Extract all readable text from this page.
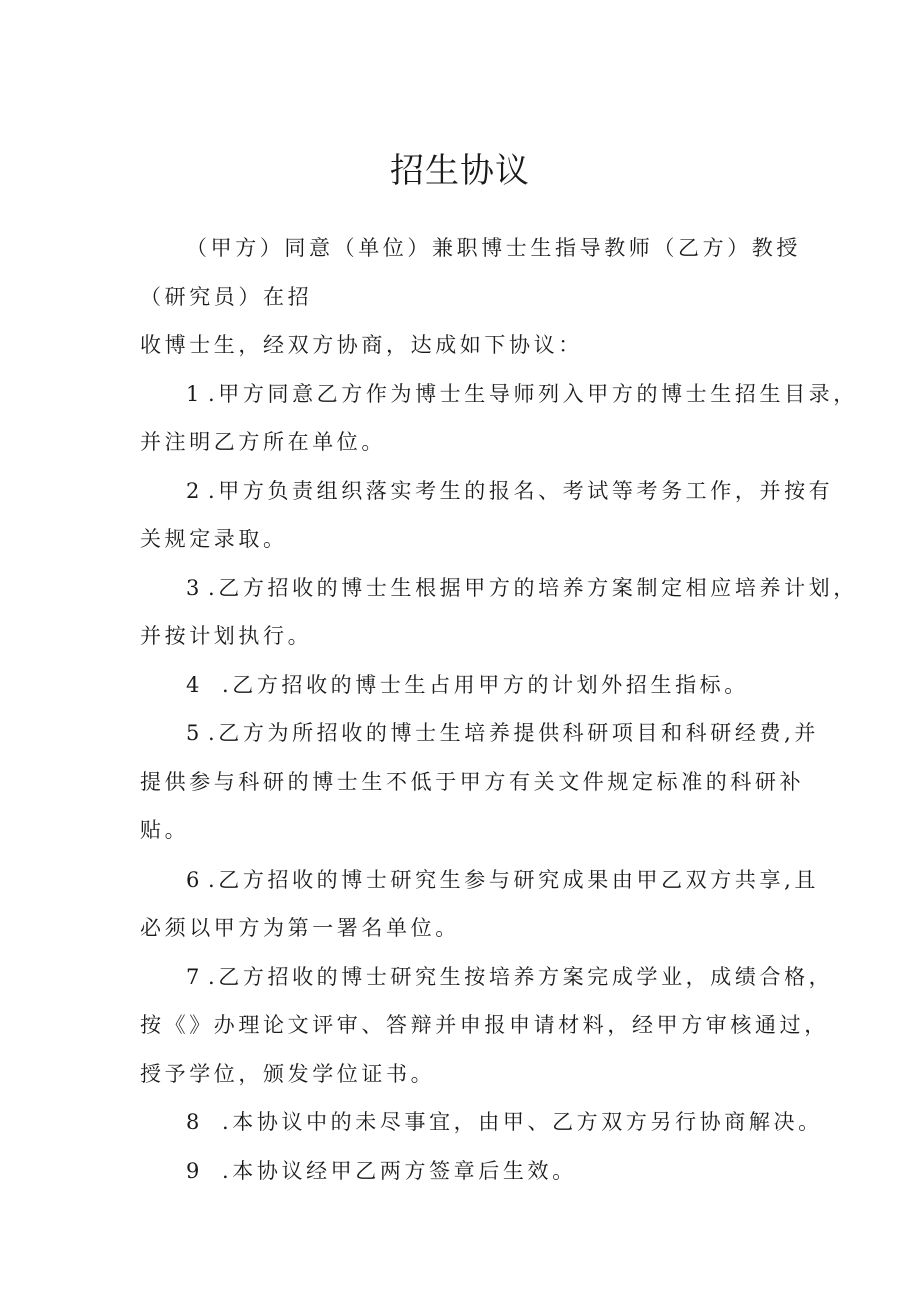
招生协议
（甲方）同意（单位）兼职博士生指导教师（乙方）教授
（研究员）在招
收博士生，经双方协商，达成如下协议：
1 .甲方同意乙方作为博士生导师列入甲方的博士生招生目录，
并注明乙方所在单位。
2 .甲方负责组织落实考生的报名、考试等考务工作，并按有
关规定录取。
3 .乙方招收的博士生根据甲方的培养方案制定相应培养计划，
并按计划执行。
4 .乙方招收的博士生占用甲方的计划外招生指标。
5 .乙方为所招收的博士生培养提供科研项目和科研经费,并
提供参与科研的博士生不低于甲方有关文件规定标准的科研补
贴。
6 .乙方招收的博士研究生参与研究成果由甲乙双方共享,且
必须以甲方为第一署名单位。
7 .乙方招收的博士研究生按培养方案完成学业，成绩合格，
按《》办理论文评审、答辩并申报申请材料，经甲方审核通过，
授予学位，颁发学位证书。
8 .本协议中的未尽事宜，由甲、乙方双方另行协商解决。
9 .本协议经甲乙两方签章后生效。
